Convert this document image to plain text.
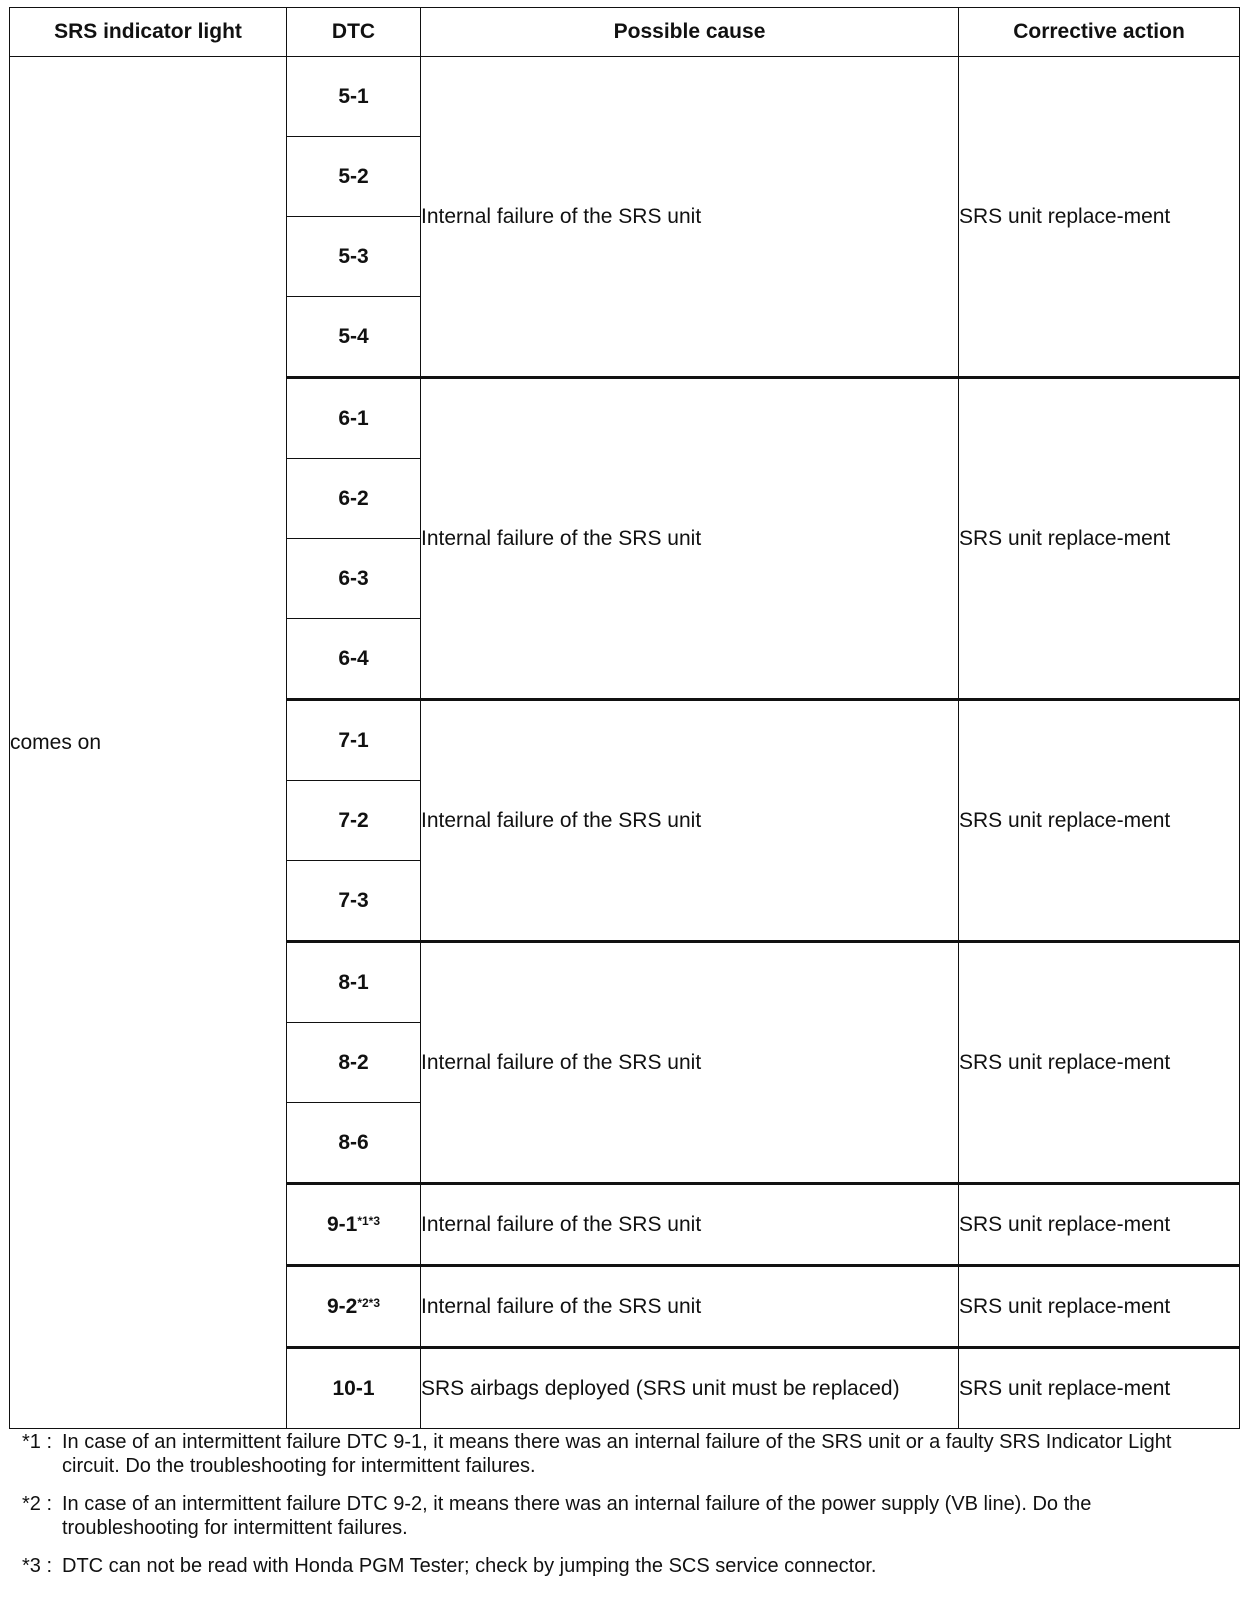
SRS indicator light	DTC	Possible cause	Corrective action
comes on	5-1	Internal failure of the SRS unit	SRS unit replace-ment
	5-2		
	5-3		
	5-4		
	6-1	Internal failure of the SRS unit	SRS unit replace-ment
	6-2		
	6-3		
	6-4		
	7-1	Internal failure of the SRS unit	SRS unit replace-ment
	7-2		
	7-3		
	8-1	Internal failure of the SRS unit	SRS unit replace-ment
	8-2		
	8-6		
	$9-1^{*1*3}$	Internal failure of the SRS unit	SRS unit replace-ment
	$9-2^{*2*3}$	Internal failure of the SRS unit	SRS unit replace-ment
	10-1	SRS airbags deployed (SRS unit must be replaced)	SRS unit replace-ment
*1 : In case of an intermittent failure DTC 9-1, it means there was an internal failure of the SRS unit or a faulty SRS Indicator Light circuit. Do the troubleshooting for intermittent failures.
*2 : In case of an intermittent failure DTC 9-2, it means there was an internal failure of the power supply (VB line). Do the troubleshooting for intermittent failures.
*3 : DTC can not be read with Honda PGM Tester; check by jumping the SCS service connector.
